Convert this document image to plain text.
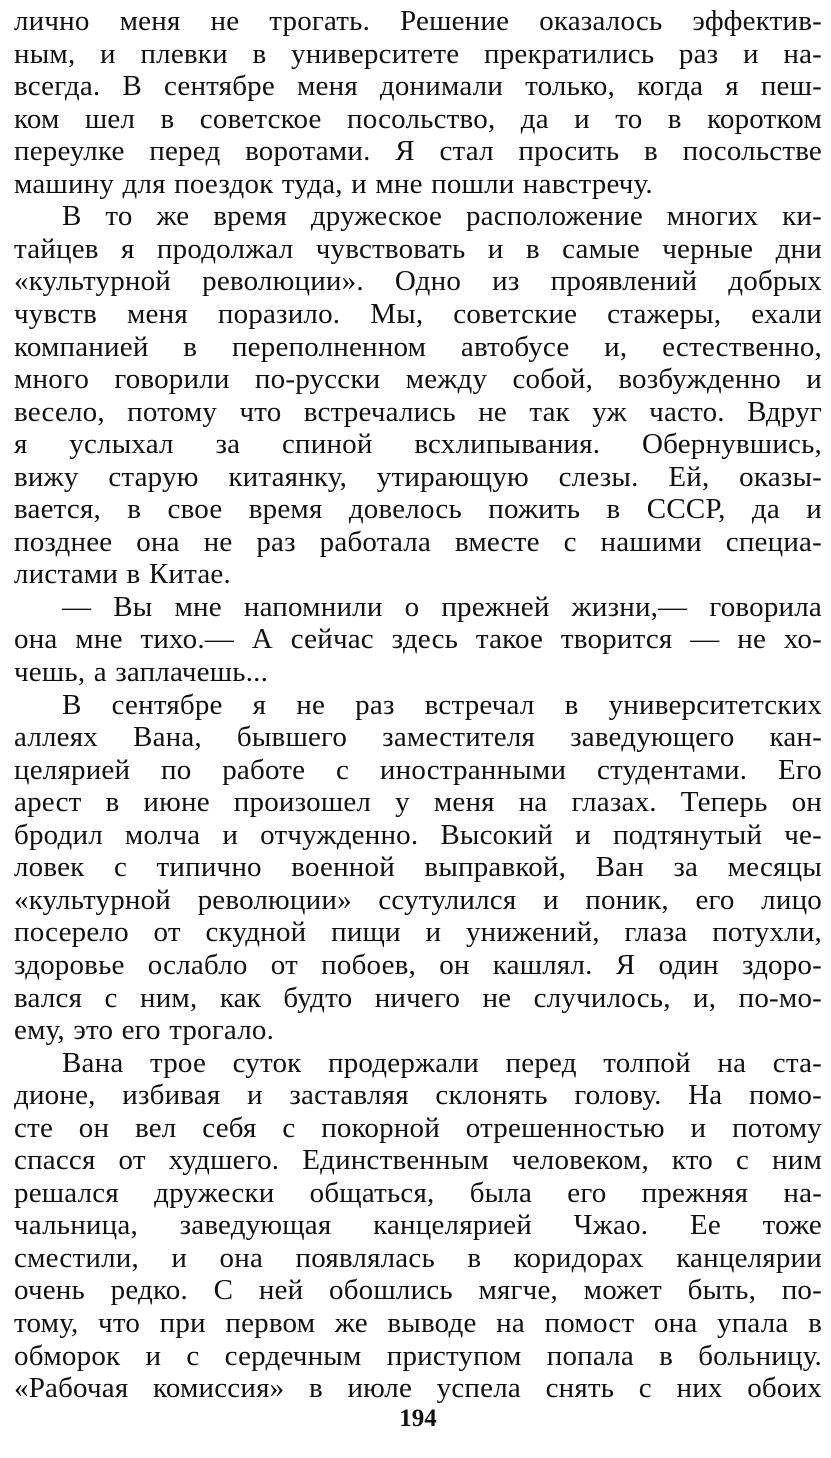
лично меня не трогать. Решение оказалось эффектив-
ным, и плевки в университете прекратились раз и на-
всегда. В сентябре меня донимали только, когда я пеш-
ком шел в советское посольство, да и то в коротком
переулке перед воротами. Я стал просить в посольстве
машину для поездок туда, и мне пошли навстречу.
В то же время дружеское расположение многих ки-
тайцев я продолжал чувствовать и в самые черные дни
«культурной революции». Одно из проявлений добрых
чувств меня поразило. Мы, советские стажеры, ехали
компанией в переполненном автобусе и, естественно,
много говорили по-русски между собой, возбужденно и
весело, потому что встречались не так уж часто. Вдруг
я услыхал за спиной всхлипывания. Обернувшись,
вижу старую китаянку, утирающую слезы. Ей, оказы-
вается, в свое время довелось пожить в СССР, да и
позднее она не раз работала вместе с нашими специа-
листами в Китае.
— Вы мне напомнили о прежней жизни,— говорила
она мне тихо.— А сейчас здесь такое творится — не хо-
чешь, а заплачешь...
В сентябре я не раз встречал в университетских
аллеях Вана, бывшего заместителя заведующего кан-
целярией по работе с иностранными студентами. Его
арест в июне произошел у меня на глазах. Теперь он
бродил молча и отчужденно. Высокий и подтянутый че-
ловек с типично военной выправкой, Ван за месяцы
«культурной революции» ссутулился и поник, его лицо
посерело от скудной пищи и унижений, глаза потухли,
здоровье ослабло от побоев, он кашлял. Я один здоро-
вался с ним, как будто ничего не случилось, и, по-мо-
ему, это его трогало.
Вана трое суток продержали перед толпой на ста-
дионе, избивая и заставляя склонять голову. На помо-
сте он вел себя с покорной отрешенностью и потому
спасся от худшего. Единственным человеком, кто с ним
решался дружески общаться, была его прежняя на-
чальница, заведующая канцелярией Чжао. Ее тоже
сместили, и она появлялась в коридорах канцелярии
очень редко. С ней обошлись мягче, может быть, по-
тому, что при первом же выводе на помост она упала в
обморок и с сердечным приступом попала в больницу.
«Рабочая комиссия» в июле успела снять с них обоих
194
